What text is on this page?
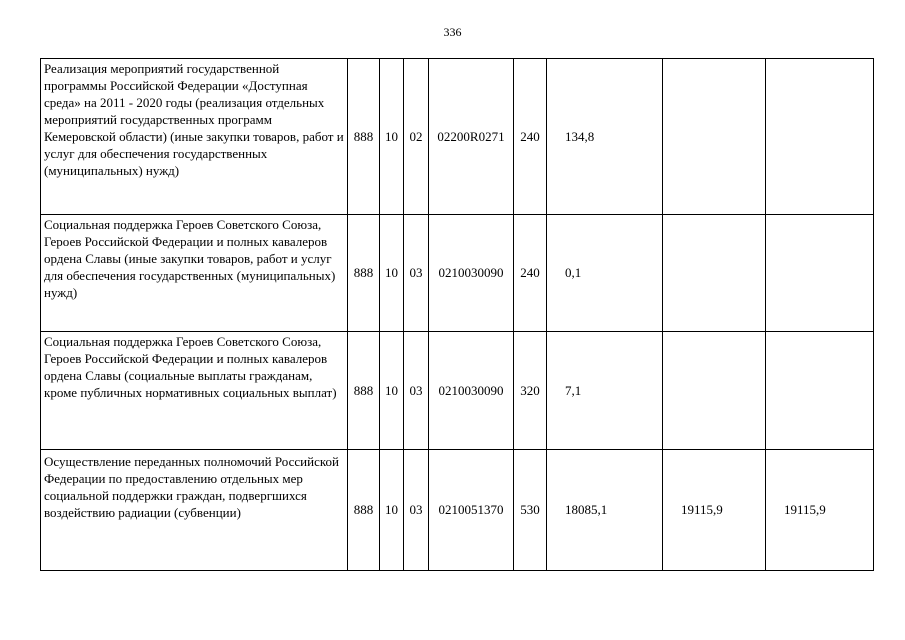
336
Реализация мероприятий государственной программы Российской Федерации «Доступная среда» на 2011 - 2020 годы (реализация отдельных мероприятий государственных программ Кемеровской области) (иные закупки товаров, работ и услуг для обеспечения государственных (муниципальных) нужд)	888	10	02	02200R0271	240	134,8		
Социальная поддержка Героев Советского Союза, Героев Российской Федерации и полных кавалеров ордена Славы (иные закупки товаров, работ и услуг для обеспечения государственных (муниципальных) нужд)	888	10	03	0210030090	240	0,1		
Социальная поддержка Героев Советского Союза, Героев Российской Федерации и полных кавалеров ордена Славы (социальные выплаты гражданам, кроме публичных нормативных социальных выплат)	888	10	03	0210030090	320	7,1		
Осуществление переданных полномочий Российской Федерации по предоставлению отдельных мер социальной поддержки граждан, подвергшихся воздействию радиации (субвенции)	888	10	03	0210051370	530	18085,1	19115,9	19115,9
